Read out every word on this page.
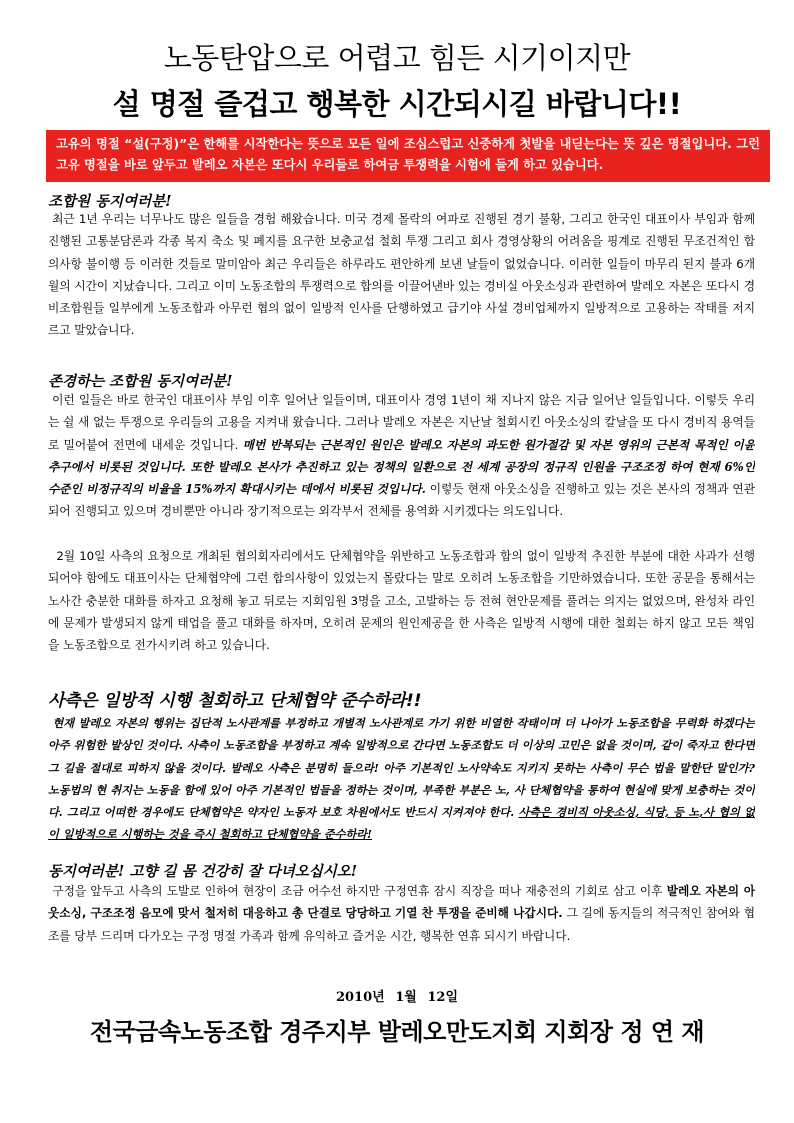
노동탄압으로 어렵고 힘든 시기이지만
설 명절 즐겁고 행복한 시간되시길 바랍니다!!
고유의 명절 “설(구정)”은 한해를 시작한다는 뜻으로 모든 일에 조심스럽고 신중하게 첫발을 내딛는다는 뜻 깊은 명절입니다. 그런 고유 명절을 바로 앞두고 발레오 자본은 또다시 우리들로 하여금 투쟁력을 시험에 들게 하고 있습니다.
조합원 동지여러분!
최근 1년 우리는 너무나도 많은 일들을 경험 해왔습니다. 미국 경제 몰락의 여파로 진행된 경기 불황, 그리고 한국인 대표이사 부임과 함께 진행된 고통분담론과 각종 복지 축소 및 폐지를 요구한 보충교섭 철회 투쟁 그리고 회사 경영상황의 어려움을 핑계로 진행된 무조건적인 합의사항 불이행 등 이러한 것들로 말미암아 최근 우리들은 하루라도 편안하게 보낸 날들이 없었습니다. 이러한 일들이 마무리 된지 불과 6개월의 시간이 지났습니다. 그리고 이미 노동조합의 투쟁력으로 합의를 이끌어낸바 있는 경비실 아웃소싱과 관련하여 발레오 자본은 또다시 경비조합원들 일부에게 노동조합과 아무런 협의 없이 일방적 인사를 단행하였고 급기야 사설 경비업체까지 일방적으로 고용하는 작태를 저지르고 말았습니다.
존경하는 조합원 동지여러분!
이런 일들은 바로 한국인 대표이사 부임 이후 일어난 일들이며, 대표이사 경영 1년이 채 지나지 않은 지금 일어난 일들입니다. 이렇듯 우리는 쉴 새 없는 투쟁으로 우리들의 고용을 지켜내 왔습니다. 그러나 발레오 자본은 지난날 철회시킨 아웃소싱의 칼날을 또 다시 경비직 용역들로 밀어붙여 전면에 내세운 것입니다. 매번 반복되는 근본적인 원인은 발레오 자본의 과도한 원가절감 및 자본 영위의 근본적 목적인 이윤추구에서 비롯된 것입니다. 또한 발레오 본사가 추진하고 있는 정책의 일환으로 전 세계 공장의 정규직 인원을 구조조정 하여 현재 6%인 수준인 비정규직의 비율을 15%까지 확대시키는 데에서 비롯된 것입니다. 이렇듯 현재 아웃소싱을 진행하고 있는 것은 본사의 정책과 연관되어 진행되고 있으며 경비뿐만 아니라 장기적으로는 외각부서 전체를 용역화 시키겠다는 의도입니다.
2월 10일 사측의 요청으로 개최된 협의회자리에서도 단체협약을 위반하고 노동조합과 합의 없이 일방적 추진한 부분에 대한 사과가 선행되어야 함에도 대표이사는 단체협약에 그런 합의사항이 있었는지 몰랐다는 말로 오히려 노동조합을 기만하였습니다. 또한 공문을 통해서는 노사간 충분한 대화를 하자고 요청해 놓고 뒤로는 지회임원 3명을 고소, 고발하는 등 전혀 현안문제를 풀려는 의지는 없었으며, 완성차 라인에 문제가 발생되지 않게 태업을 풀고 대화를 하자며, 오히려 문제의 원인제공을 한 사측은 일방적 시행에 대한 철회는 하지 않고 모든 책임을 노동조합으로 전가시키려 하고 있습니다.
사측은 일방적 시행 철회하고 단체협약 준수하라!!
현재 발레오 자본의 행위는 집단적 노사관계를 부정하고 개별적 노사관계로 가기 위한 비열한 작태이며 더 나아가 노동조합을 무력화 하겠다는 아주 위험한 발상인 것이다. 사측이 노동조합을 부정하고 계속 일방적으로 간다면 노동조합도 더 이상의 고민은 없을 것이며, 같이 죽자고 한다면 그 길을 절대로 피하지 않을 것이다. 발레오 사측은 분명히 들으라! 아주 기본적인 노사약속도 지키지 못하는 사측이 무슨 법을 말한단 말인가? 노동법의 현 취지는 노동을 함에 있어 아주 기본적인 법들을 정하는 것이며, 부족한 부분은 노, 사 단체협약을 통하여 현실에 맞게 보충하는 것이다. 그리고 어떠한 경우에도 단체협약은 약자인 노동자 보호 차원에서도 반드시 지켜져야 한다. 사측은 경비직 아웃소싱, 식당, 등 노,사 협의 없이 일방적으로 시행하는 것을 즉시 철회하고 단체협약을 준수하라!
동지여러분! 고향 길 몸 건강히 잘 다녀오십시오!
구정을 앞두고 사측의 도발로 인하여 현장이 조금 어수선 하지만 구정연휴 잠시 직장을 떠나 재충전의 기회로 삼고 이후 발레오 자본의 아웃소싱, 구조조정 음모에 맞서 철저히 대응하고 총 단결로 당당하고 기열 찬 투쟁을 준비해 나갑시다. 그 길에 동지들의 적극적인 참여와 협조를 당부 드리며 다가오는 구정 명절 가족과 함께 유익하고 즐거운 시간, 행복한 연휴 되시기 바랍니다.
2010년 1월 12일
전국금속노동조합 경주지부 발레오만도지회 지회장 정 연 재
